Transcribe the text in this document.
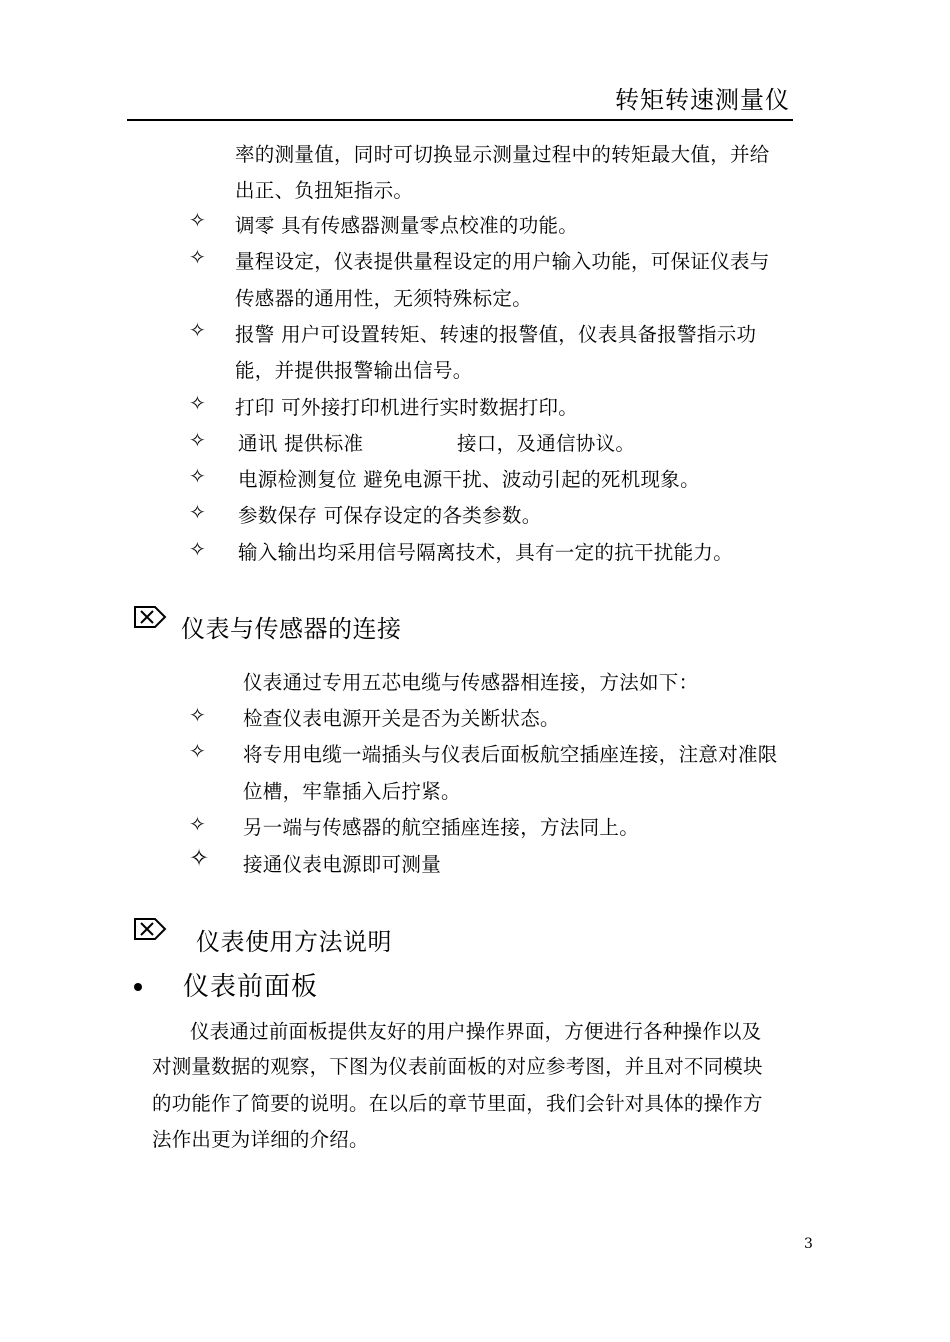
转矩转速测量仪
率的测量值，同时可切换显示测量过程中的转矩最大值，并给
出正、负扭矩指示。
✧ 调零 具有传感器测量零点校准的功能。
✧ 量程设定，仪表提供量程设定的用户输入功能，可保证仪表与
传感器的通用性，无须特殊标定。
✧ 报警 用户可设置转矩、转速的报警值，仪表具备报警指示功
能，并提供报警输出信号。
✧ 打印 可外接打印机进行实时数据打印。
✧ 通讯 提供标准	接口，及通信协议。
✧ 电源检测复位 避免电源干扰、波动引起的死机现象。
✧ 参数保存 可保存设定的各类参数。
✧ 输入输出均采用信号隔离技术，具有一定的抗干扰能力。
仪表与传感器的连接
仪表通过专用五芯电缆与传感器相连接，方法如下：
✧ 检查仪表电源开关是否为关断状态。
✧ 将专用电缆一端插头与仪表后面板航空插座连接，注意对准限
位槽，牢靠插入后拧紧。
✧ 另一端与传感器的航空插座连接，方法同上。
✧ 接通仪表电源即可测量
仪表使用方法说明
仪表前面板
仪表通过前面板提供友好的用户操作界面，方便进行各种操作以及
对测量数据的观察，下图为仪表前面板的对应参考图，并且对不同模块
的功能作了简要的说明。在以后的章节里面，我们会针对具体的操作方
法作出更为详细的介绍。
3
